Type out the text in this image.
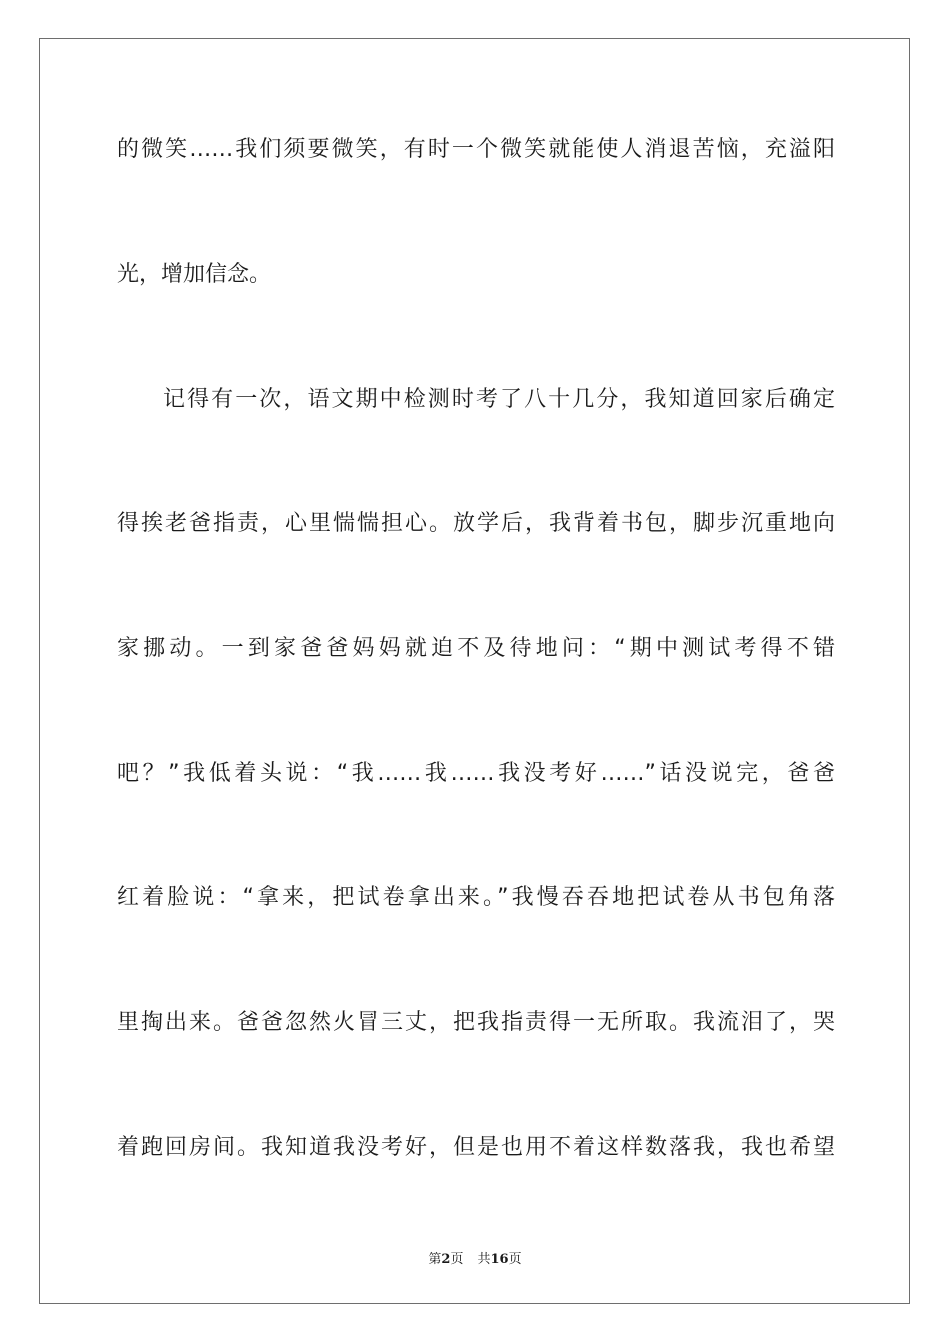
的微笑……我们须要微笑，有时一个微笑就能使人消退苦恼，充溢阳
光，增加信念。
记得有一次，语文期中检测时考了八十几分，我知道回家后确定
得挨老爸指责，心里惴惴担心。放学后，我背着书包，脚步沉重地向
家挪动。一到家爸爸妈妈就迫不及待地问：“期中测试考得不错
吧？”我低着头说：“我……我……我没考好……”话没说完，爸爸
红着脸说：“拿来，把试卷拿出来。”我慢吞吞地把试卷从书包角落
里掏出来。爸爸忽然火冒三丈，把我指责得一无所取。我流泪了，哭
着跑回房间。我知道我没考好，但是也用不着这样数落我，我也希望
第2页 共16页
